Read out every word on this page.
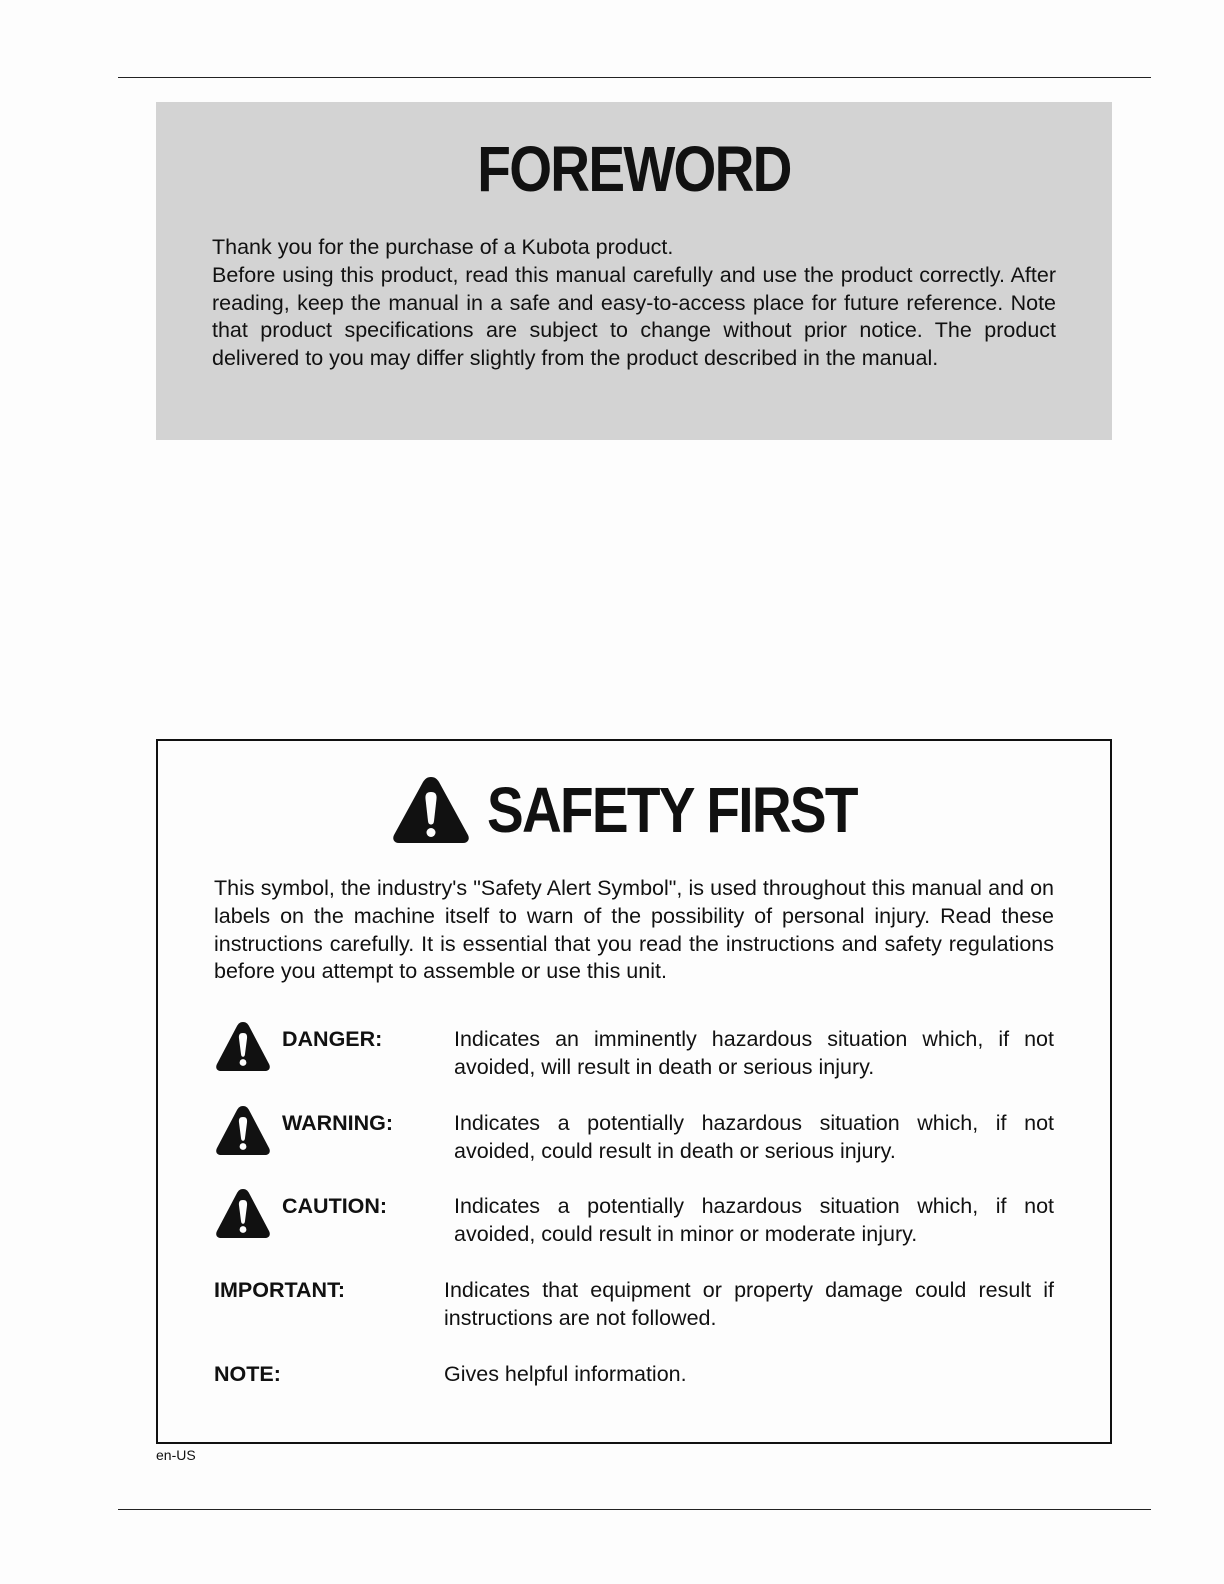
FOREWORD

Thank you for the purchase of a Kubota product.

Before using this product, read this manual carefully and use the product correctly. After reading, keep the manual in a safe and easy-to-access place for future reference. Note that product specifications are subject to change without prior notice. The product delivered to you may differ slightly from the product described in the manual.

SAFETY FIRST

This symbol, the industry's "Safety Alert Symbol", is used throughout this manual and on labels on the machine itself to warn of the possibility of personal injury. Read these instructions carefully. It is essential that you read the instructions and safety regulations before you attempt to assemble or use this unit.

DANGER:	Indicates an imminently hazardous situation which, if not avoided, will result in death or serious injury.
WARNING:	Indicates a potentially hazardous situation which, if not avoided, could result in death or serious injury.
CAUTION:	Indicates a potentially hazardous situation which, if not avoided, could result in minor or moderate injury.
IMPORTANT:	Indicates that equipment or property damage could result if instructions are not followed.
NOTE:	Gives helpful information.
en-US
